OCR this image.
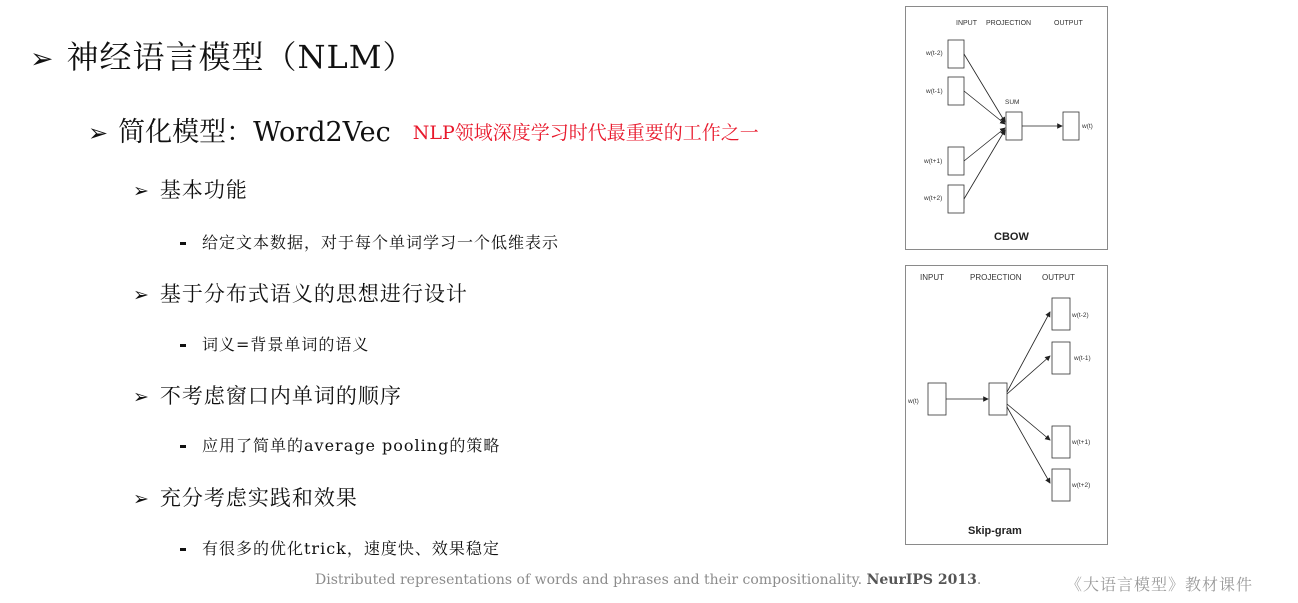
➢ 神经语言模型（NLM）
➢ 简化模型：Word2Vec NLP领域深度学习时代最重要的工作之一
➢ 基本功能
给定文本数据，对于每个单词学习一个低维表示
➢ 基于分布式语义的思想进行设计
词义=背景单词的语义
➢ 不考虑窗口内单词的顺序
应用了简单的average pooling的策略
➢ 充分考虑实践和效果
有很多的优化trick，速度快、效果稳定
Distributed representations of words and phrases and their compositionality. NeurIPS 2013.	《大语言模型》教材课件
INPUT PROJECTION	OUTPUT
w(t-2)
w(t-1)
w(t+1)
w(t+2)
SUM
w(t)
CBOW
INPUT	PROJECTION	OUTPUT
w(t)
w(t-2)
w(t-1)
w(t+1)
w(t+2)
Skip-gram
